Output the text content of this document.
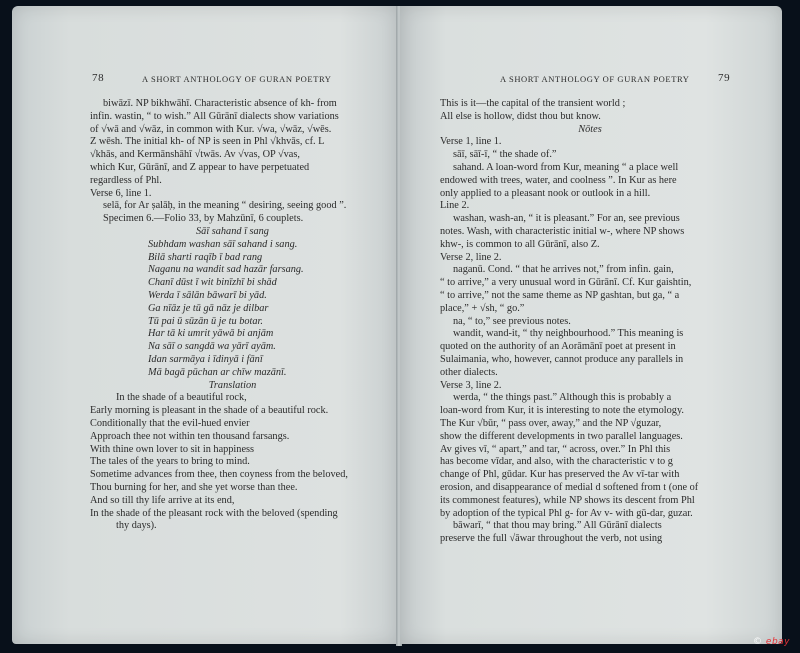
78	A SHORT ANTHOLOGY OF GURAN POETRY
biwāzī. NP bikhwāhī. Characteristic absence of kh- from
infin. wastin, “ to wish.” All Gūrānī dialects show variations
of √wā and √wāz, in common with Kur. √wa, √wāz, √wēs.
Z wēsh. The initial kh- of NP is seen in Phl √khvās, cf. L
√khās, and Kermānshāhī √twās. Av √vas, OP √vas,
which Kur, Gūrānī, and Z appear to have perpetuated
regardless of Phl.
Verse 6, line 1.
selā, for Ar ṣalāḥ, in the meaning “ desiring, seeing good ”.
Specimen 6.—Folio 33, by Mahzūnī, 6 couplets.
Sāī sahand ī sang
Subhdam washan sāī sahand i sang.
Bilā sharti raqīb ī bad rang
Naganu na wandit sad hazār farsang.
Chanī dūst ī wit binīzhī bi shād
Werda ī sālān bāwarī bi yād.
Ga nīāz je tū gā nāz je dilbar
Tū pai ū sūzān ū je tu botar.
Har tā ki umrit yāwā bi anjām
Na sāī o sangdā wa yārī ayām.
Idan sarmāya i īdinyā i fānī
Mā bagā pūchan ar chīw mazānī.
Translation
In the shade of a beautiful rock,
Early morning is pleasant in the shade of a beautiful rock.
Conditionally that the evil-hued envier
Approach thee not within ten thousand farsangs.
With thine own lover to sit in happiness
The tales of the years to bring to mind.
Sometime advances from thee, then coyness from the beloved,
Thou burning for her, and she yet worse than thee.
And so till thy life arrive at its end,
In the shade of the pleasant rock with the beloved (spending
thy days).
A SHORT ANTHOLOGY OF GURAN POETRY	79
This is it—the capital of the transient world ;
All else is hollow, didst thou but know.
Nōtes
Verse 1, line 1.
sāī, sāī-ī, “ the shade of.”
sahand. A loan-word from Kur, meaning “ a place well
endowed with trees, water, and coolness ”. In Kur as here
only applied to a pleasant nook or outlook in a hill.
Line 2.
washan, wash-an, “ it is pleasant.” For an, see previous
notes. Wash, with characteristic initial w-, where NP shows
khw-, is common to all Gūrānī, also Z.
Verse 2, line 2.
naganū. Cond. “ that he arrives not,” from infin. gain,
“ to arrive,” a very unusual word in Gūrānī. Cf. Kur gaishtin,
“ to arrive,” not the same theme as NP gashtan, but ga, “ a
place,” + √sh, “ go.”
na, “ to,” see previous notes.
wandit, wand-it, “ thy neighbourhood.” This meaning is
quoted on the authority of an Aorāmānī poet at present in
Sulaimania, who, however, cannot produce any parallels in
other dialects.
Verse 3, line 2.
werda, “ the things past.” Although this is probably a
loan-word from Kur, it is interesting to note the etymology.
The Kur √būr, “ pass over, away,” and the NP √guzar,
show the different developments in two parallel languages.
Av gives vī, “ apart,” and tar, “ across, over.” In Phl this
has become vīdar, and also, with the characteristic v to g
change of Phl, gūdar. Kur has preserved the Av vī-tar with
erosion, and disappearance of medial d softened from t (one of
its commonest features), while NP shows its descent from Phl
by adoption of the typical Phl g- for Av v- with gū-dar, guzar.
bāwarī, “ that thou may bring.” All Gūrānī dialects
preserve the full √āwar throughout the verb, not using
© ebay
